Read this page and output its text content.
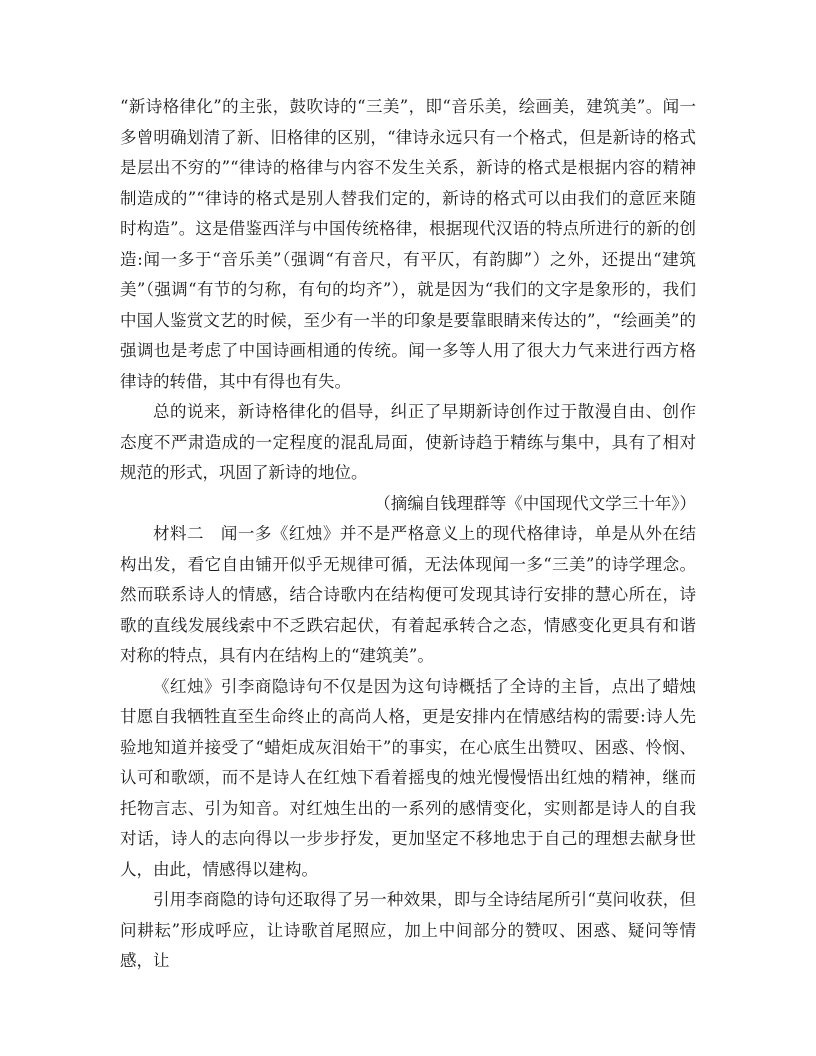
“新诗格律化”的主张，鼓吹诗的“三美”，即“音乐美，绘画美，建筑美”。闻一多曾明确划清了新、旧格律的区别，“律诗永远只有一个格式，但是新诗的格式是层出不穷的”“律诗的格律与内容不发生关系，新诗的格式是根据内容的精神制造成的”“律诗的格式是别人替我们定的，新诗的格式可以由我们的意匠来随时构造”。这是借鉴西洋与中国传统格律，根据现代汉语的特点所进行的新的创造:闻一多于“音乐美”（强调“有音尺，有平仄，有韵脚”）之外，还提出“建筑美”（强调“有节的匀称，有句的均齐”），就是因为“我们的文字是象形的，我们中国人鉴赏文艺的时候，至少有一半的印象是要靠眼睛来传达的”，“绘画美”的强调也是考虑了中国诗画相通的传统。闻一多等人用了很大力气来进行西方格律诗的转借，其中有得也有失。

总的说来，新诗格律化的倡导，纠正了早期新诗创作过于散漫自由、创作态度不严肃造成的一定程度的混乱局面，使新诗趋于精练与集中，具有了相对规范的形式，巩固了新诗的地位。

（摘编自钱理群等《中国现代文学三十年》）

材料二　闻一多《红烛》并不是严格意义上的现代格律诗，单是从外在结构出发，看它自由铺开似乎无规律可循，无法体现闻一多“三美”的诗学理念。然而联系诗人的情感，结合诗歌内在结构便可发现其诗行安排的慧心所在，诗歌的直线发展线索中不乏跌宕起伏，有着起承转合之态，情感变化更具有和谐对称的特点，具有内在结构上的“建筑美”。

《红烛》引李商隐诗句不仅是因为这句诗概括了全诗的主旨，点出了蜡烛甘愿自我牺牲直至生命终止的高尚人格，更是安排内在情感结构的需要:诗人先验地知道并接受了“蜡炬成灰泪始干”的事实，在心底生出赞叹、困惑、怜悯、认可和歌颂，而不是诗人在红烛下看着摇曳的烛光慢慢悟出红烛的精神，继而托物言志、引为知音。对红烛生出的一系列的感情变化，实则都是诗人的自我对话，诗人的志向得以一步步抒发，更加坚定不移地忠于自己的理想去献身世人，由此，情感得以建构。

引用李商隐的诗句还取得了另一种效果，即与全诗结尾所引“莫问收获，但问耕耘”形成呼应，让诗歌首尾照应，加上中间部分的赞叹、困惑、疑问等情感，让
